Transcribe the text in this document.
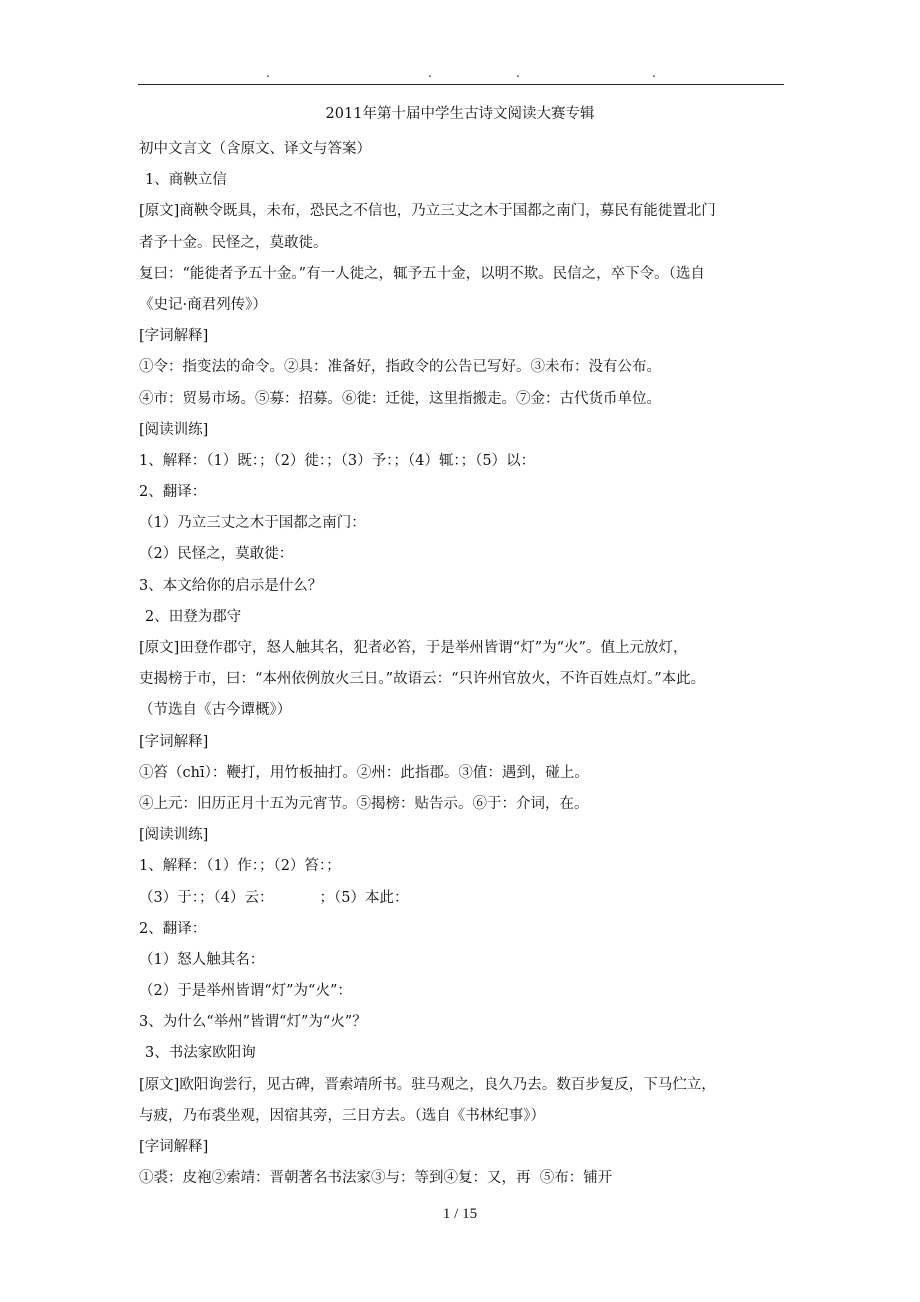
.	.	.	.
2011年第十届中学生古诗文阅读大赛专辑
初中文言文（含原文、译文与答案）
1、商鞅立信
[原文]商鞅令既具，未布，恐民之不信也，乃立三丈之木于国都之南门，募民有能徙置北门
者予十金。民怪之，莫敢徙。
复曰：“能徙者予五十金。”有一人徙之，辄予五十金，以明不欺。民信之，卒下令。（选自
《史记·商君列传》）
[字词解释]
①令：指变法的命令。②具：准备好，指政令的公告已写好。③未布：没有公布。
④市：贸易市场。⑤募：招募。⑥徙：迁徙，这里指搬走。⑦金：古代货币单位。
[阅读训练]
1、解释：（1）既：；（2）徙：；（3）予：；（4）辄：；（5）以：
2、翻译：
（1）乃立三丈之木于国都之南门：
（2）民怪之，莫敢徙：
3、本文给你的启示是什么？
2、田登为郡守
[原文]田登作郡守，怒人触其名，犯者必笞，于是举州皆谓“灯”为“火”。值上元放灯，
吏揭榜于市，曰：“本州依例放火三日。”故语云：“只许州官放火，不许百姓点灯。”本此。
（节选自《古今谭概》）
[字词解释]
①笞（chī）：鞭打，用竹板抽打。②州：此指郡。③值：遇到，碰上。
④上元：旧历正月十五为元宵节。⑤揭榜：贴告示。⑥于：介词，在。
[阅读训练]
1、解释：（1）作：；（2）笞：；
（3）于：；（4）云：          ；（5）本此：
2、翻译：
（1）怒人触其名：
（2）于是举州皆谓“灯”为“火”：
3、为什么“举州”皆谓“灯”为“火”？
3、书法家欧阳询
[原文]欧阳询尝行，见古碑，晋索靖所书。驻马观之，良久乃去。数百步复反，下马伫立，
与疲，乃布裘坐观，因宿其旁，三日方去。（选自《书林纪事》）
[字词解释]
①裘：皮袍②索靖：晋朝著名书法家③与：等到④复：又，再  ⑤布：铺开
1 / 15
